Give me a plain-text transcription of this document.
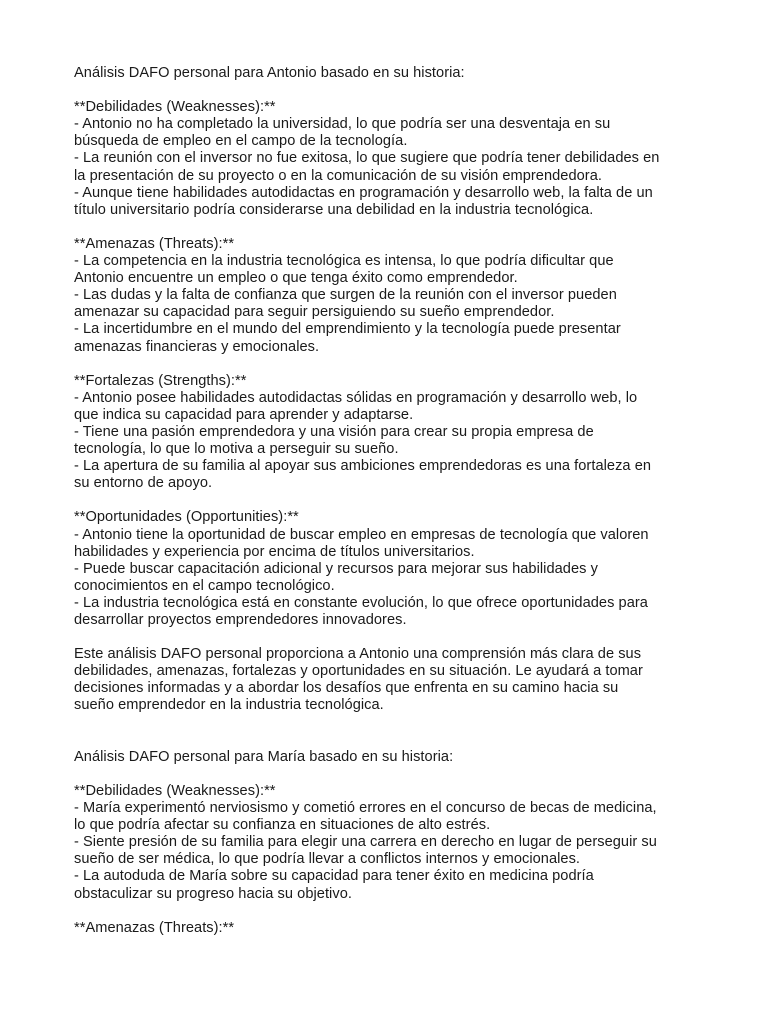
Análisis DAFO personal para Antonio basado en su historia:

**Debilidades (Weaknesses):**

- Antonio no ha completado la universidad, lo que podría ser una desventaja en su

búsqueda de empleo en el campo de la tecnología.

- La reunión con el inversor no fue exitosa, lo que sugiere que podría tener debilidades en

la presentación de su proyecto o en la comunicación de su visión emprendedora.

- Aunque tiene habilidades autodidactas en programación y desarrollo web, la falta de un

título universitario podría considerarse una debilidad en la industria tecnológica.

**Amenazas (Threats):**

- La competencia en la industria tecnológica es intensa, lo que podría dificultar que

Antonio encuentre un empleo o que tenga éxito como emprendedor.

- Las dudas y la falta de confianza que surgen de la reunión con el inversor pueden

amenazar su capacidad para seguir persiguiendo su sueño emprendedor.

- La incertidumbre en el mundo del emprendimiento y la tecnología puede presentar

amenazas financieras y emocionales.

**Fortalezas (Strengths):**

- Antonio posee habilidades autodidactas sólidas en programación y desarrollo web, lo

que indica su capacidad para aprender y adaptarse.

- Tiene una pasión emprendedora y una visión para crear su propia empresa de

tecnología, lo que lo motiva a perseguir su sueño.

- La apertura de su familia al apoyar sus ambiciones emprendedoras es una fortaleza en

su entorno de apoyo.

**Oportunidades (Opportunities):**

- Antonio tiene la oportunidad de buscar empleo en empresas de tecnología que valoren

habilidades y experiencia por encima de títulos universitarios.

- Puede buscar capacitación adicional y recursos para mejorar sus habilidades y

conocimientos en el campo tecnológico.

- La industria tecnológica está en constante evolución, lo que ofrece oportunidades para

desarrollar proyectos emprendedores innovadores.

Este análisis DAFO personal proporciona a Antonio una comprensión más clara de sus

debilidades, amenazas, fortalezas y oportunidades en su situación. Le ayudará a tomar

decisiones informadas y a abordar los desafíos que enfrenta en su camino hacia su

sueño emprendedor en la industria tecnológica.

Análisis DAFO personal para María basado en su historia:

**Debilidades (Weaknesses):**

- María experimentó nerviosismo y cometió errores en el concurso de becas de medicina,

lo que podría afectar su confianza en situaciones de alto estrés.

- Siente presión de su familia para elegir una carrera en derecho en lugar de perseguir su

sueño de ser médica, lo que podría llevar a conflictos internos y emocionales.

- La autoduda de María sobre su capacidad para tener éxito en medicina podría

obstaculizar su progreso hacia su objetivo.

**Amenazas (Threats):**
